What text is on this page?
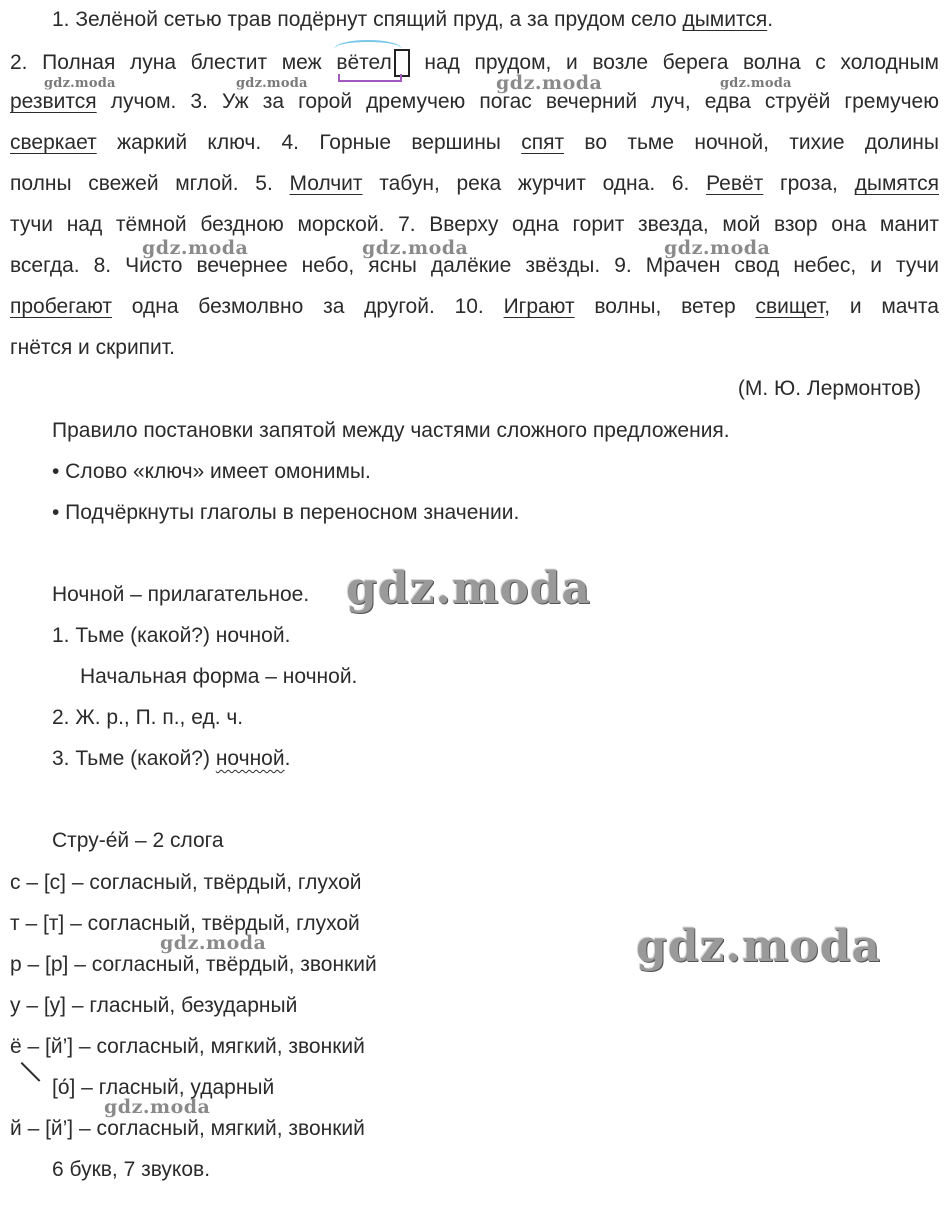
1. Зелёной сетью трав подёрнут спящий пруд, а за прудом село дымится.
2. Полная луна блестит меж
вётел над прудом, и возле берега волна с холодным
резвится лучом. 3. Уж за горой дремучею погас вечерний луч, едва струёй гремучею
сверкает жаркий ключ. 4. Горные вершины спят во тьме ночной, тихие долины
полны свежей мглой. 5. Молчит табун, река журчит одна. 6. Ревёт гроза, дымятся
тучи над тёмной бездною морской. 7. Вверху одна горит звезда, мой взор она манит
всегда. 8. Чисто вечернее небо, ясны далёкие звёзды. 9. Мрачен свод небес, и тучи
пробегают одна безмолвно за другой. 10. Играют волны, ветер свищет, и мачта
гнётся и скрипит.
(М. Ю. Лермонтов)
Правило постановки запятой между частями сложного предложения.
• Слово «ключ» имеет омонимы.
• Подчёркнуты глаголы в переносном значении.
Ночной – прилагательное.
1. Тьме (какой?) ночной.
Начальная форма – ночной.
2. Ж. р., П. п., ед. ч.
3. Тьме (какой?) ночной.
Стру-е́й – 2 слога
с – [с] – согласный, твёрдый, глухой
т – [т] – согласный, твёрдый, глухой
р – [р] – согласный, твёрдый, звонкий
у – [у] – гласный, безударный
ё – [й’] – согласный, мягкий, звонкий
[о́] – гласный, ударный
й – [й’] – согласный, мягкий, звонкий
6 букв, 7 звуков.
gdz.moda	gdz.moda	gdz.moda	gdz.moda
gdz.moda	gdz.moda	gdz.moda
gdz.moda
gdz.moda	gdz.moda
gdz.moda
